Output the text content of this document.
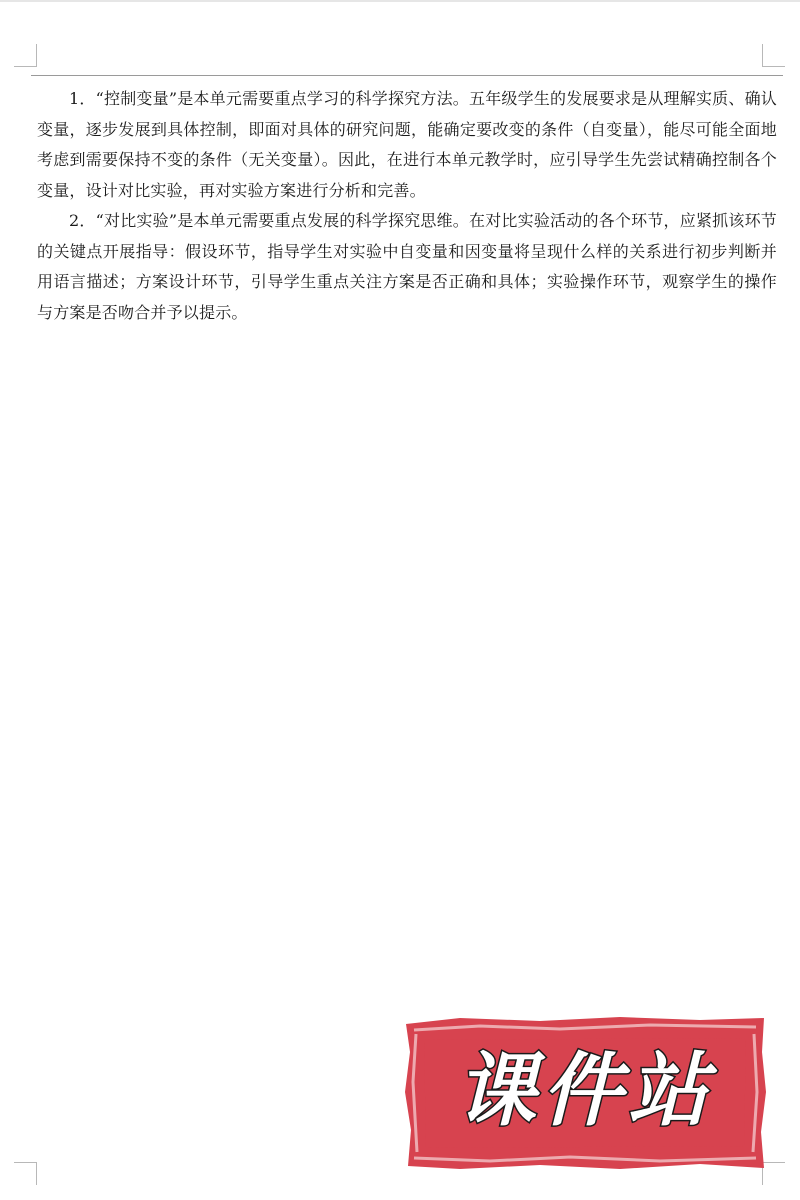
1．“控制变量”是本单元需要重点学习的科学探究方法。五年级学生的发展要求是从理解实质、确认变量，逐步发展到具体控制，即面对具体的研究问题，能确定要改变的条件（自变量），能尽可能全面地考虑到需要保持不变的条件（无关变量）。因此，在进行本单元教学时，应引导学生先尝试精确控制各个变量，设计对比实验，再对实验方案进行分析和完善。

2．“对比实验”是本单元需要重点发展的科学探究思维。在对比实验活动的各个环节，应紧抓该环节的关键点开展指导：假设环节，指导学生对实验中自变量和因变量将呈现什么样的关系进行初步判断并用语言描述；方案设计环节，引导学生重点关注方案是否正确和具体；实验操作环节，观察学生的操作与方案是否吻合并予以提示。

课件站
